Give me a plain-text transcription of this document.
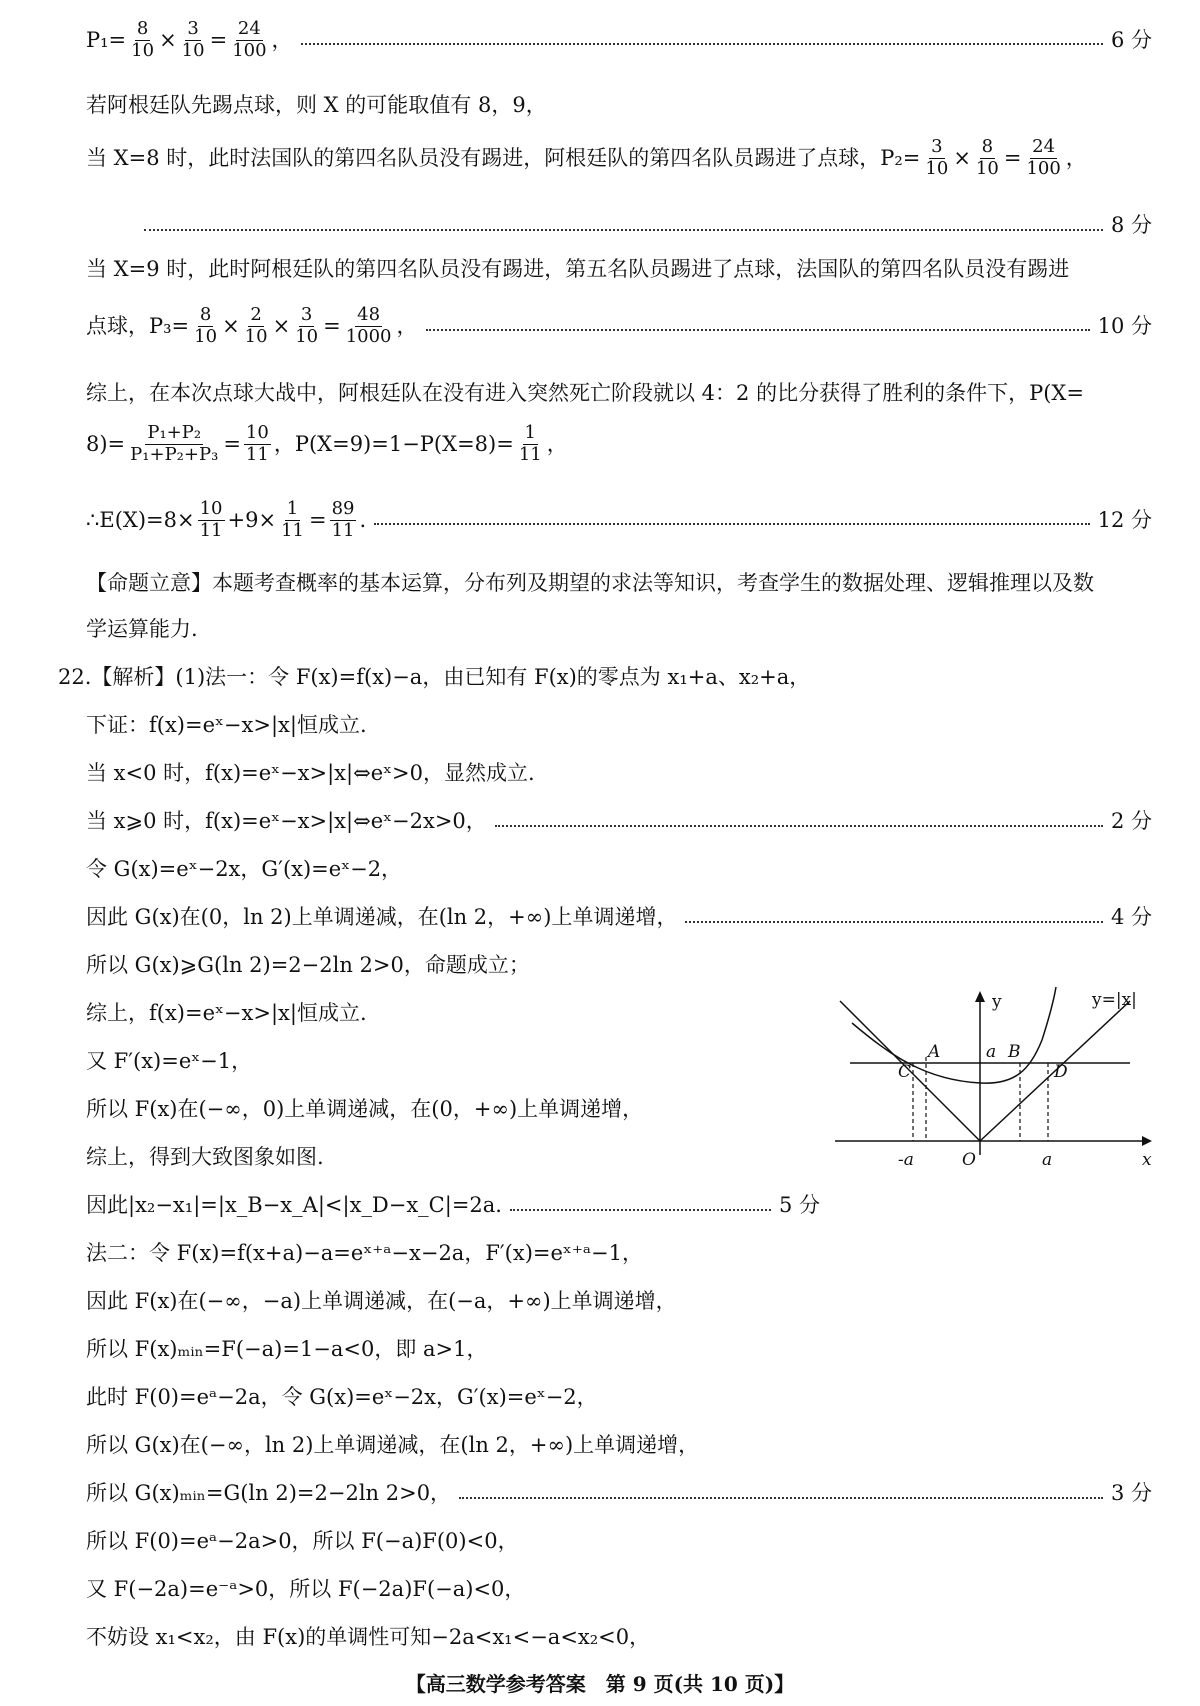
$P_1= \frac{8}{10} \times \frac{3}{10} = \frac{24}{100}$ ，	6 分
若阿根廷队先踢点球，则 X 的可能取值有 8，9，
当 X=8 时，此时法国队的第四名队员没有踢进，阿根廷队的第四名队员踢进了点球，$P_2= \frac{3}{10} \times \frac{8}{10} = \frac{24}{100}$ ，
8 分
当 X=9 时，此时阿根廷队的第四名队员没有踢进，第五名队员踢进了点球，法国队的第四名队员没有踢进
点球，$P_3= \frac{8}{10} \times \frac{2}{10} \times \frac{3}{10} = \frac{48}{1000}$ ，	10 分
综上，在本次点球大战中，阿根廷队在没有进入突然死亡阶段就以 4：2 的比分获得了胜利的条件下，P(X=
$8)= \frac{\text{P₁+P₂}}{\text{P₁+P₂+P₃}} = \frac{10}{11}$ ，$P(X=9)=1-P(X=8)= \frac{1}{11}$ ，
∴E(X)=8× $\frac{10}{11} +9\times \frac{1}{11} = \frac{89}{11}$ .	12 分
【命题立意】本题考查概率的基本运算，分布列及期望的求法等知识，考查学生的数据处理、逻辑推理以及数
学运算能力.
22.【解析】(1)法一：令 F(x)=f(x)−a，由已知有 F(x)的零点为 x₁+a、x₂+a，
下证：f(x)=eˣ−x>|x|恒成立.
当 x<0 时，f(x)=eˣ−x>|x|⇔eˣ>0，显然成立.
当 x⩾0 时，f(x)=eˣ−x>|x|⇔eˣ−2x>0，	2 分
令 G(x)=eˣ−2x，G′(x)=eˣ−2，
因此 G(x)在(0，ln 2)上单调递减，在(ln 2，+∞)上单调递增，	4 分
所以 G(x)⩾G(ln 2)=2−2ln 2>0，命题成立；
综上，f(x)=eˣ−x>|x|恒成立.
又 F′(x)=eˣ−1，
所以 F(x)在(−∞，0)上单调递减，在(0，+∞)上单调递增，
综上，得到大致图象如图.
因此|x₂−x₁|=|x_B−x_A|<|x_D−x_C|=2a.	5 分
法二：令 F(x)=f(x+a)−a=eˣ⁺ᵃ−x−2a，F′(x)=eˣ⁺ᵃ−1，
因此 F(x)在(−∞，−a)上单调递减，在(−a，+∞)上单调递增，
所以 F(x)ₘᵢₙ=F(−a)=1−a<0，即 a>1，
此时 F(0)=eᵃ−2a，令 G(x)=eˣ−2x，G′(x)=eˣ−2，
所以 G(x)在(−∞，ln 2)上单调递减，在(ln 2，+∞)上单调递增，
所以 G(x)ₘᵢₙ=G(ln 2)=2−2ln 2>0，	3 分
所以 F(0)=eᵃ−2a>0，所以 F(−a)F(0)<0，
又 F(−2a)=e⁻ᵃ>0，所以 F(−2a)F(−a)<0，
不妨设 x₁<x₂，由 F(x)的单调性可知−2a<x₁<−a<x₂<0，
y	y=|x|
A	B
C	D
a
-a	O	a	x
【高三数学参考答案　第 9 页(共 10 页)】
